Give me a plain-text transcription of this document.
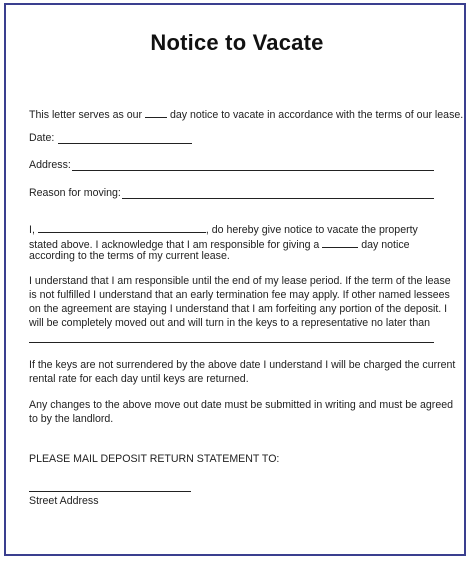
Notice to Vacate
This letter serves as our	day notice to vacate in accordance with the terms of our lease.
Date:
Address:
Reason for moving:
I,	, do hereby give notice to vacate the property
stated above. I acknowledge that I am responsible for giving a	day notice
according to the terms of my current lease.
I understand that I am responsible until the end of my lease period. If the term of the lease
is not fulfilled I understand that an early termination fee may apply. If other named lessees
on the agreement are staying I understand that I am forfeiting any portion of the deposit. I
will be completely moved out and will turn in the keys to a representative no later than
If the keys are not surrendered by the above date I understand I will be charged the current
rental rate for each day until keys are returned.
Any changes to the above move out date must be submitted in writing and must be agreed
to by the landlord.
PLEASE MAIL DEPOSIT RETURN STATEMENT TO:
Street Address
